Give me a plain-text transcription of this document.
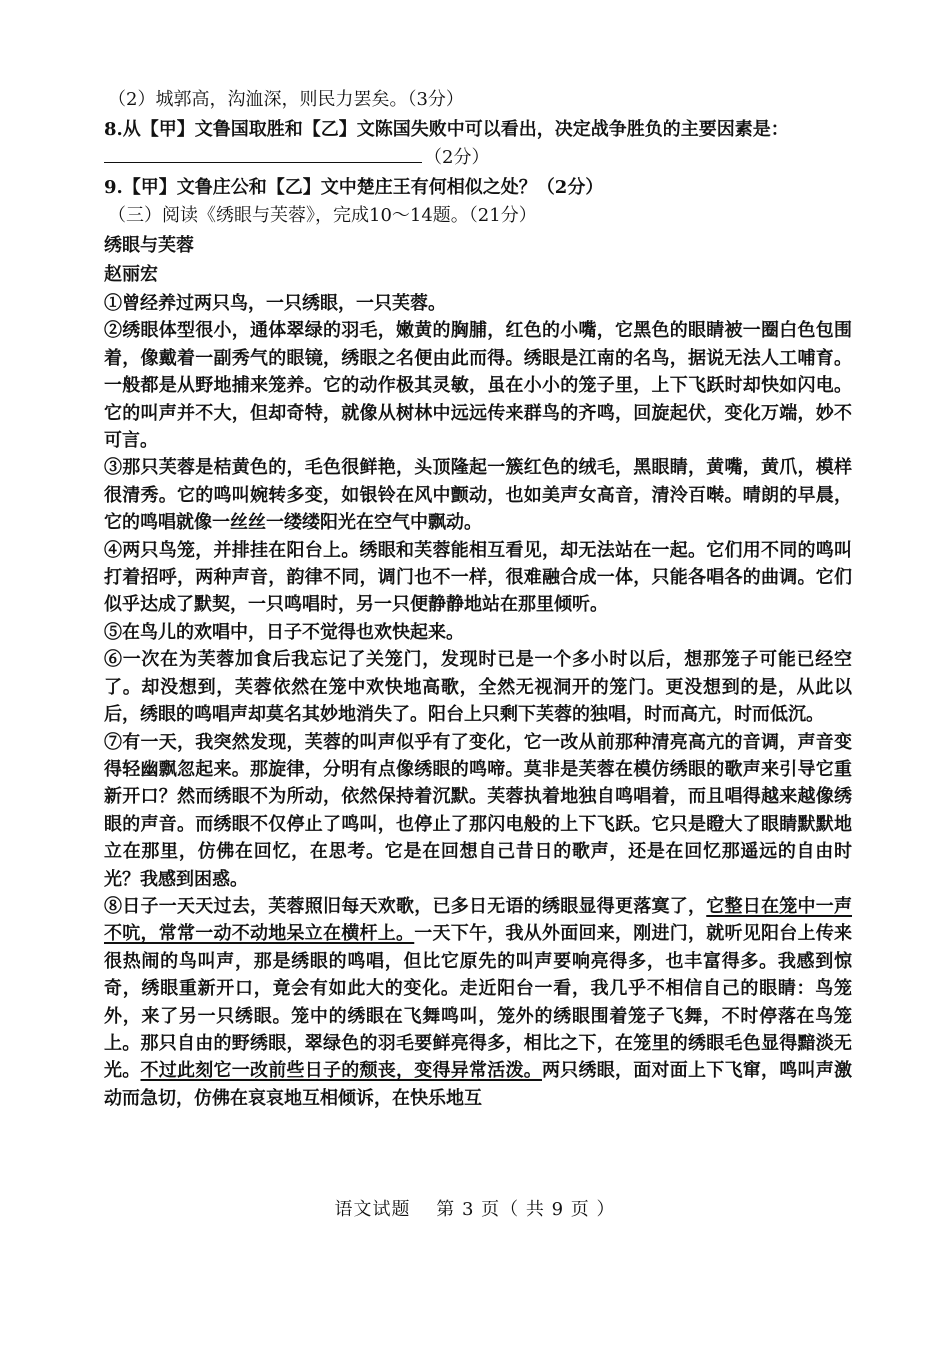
（2）城郭高，沟洫深，则民力罢矣。（3分）
8.从【甲】文鲁国取胜和【乙】文陈国失败中可以看出，决定战争胜负的主要因素是：
（2分）
9.【甲】文鲁庄公和【乙】文中楚庄王有何相似之处？（2分）
（三）阅读《绣眼与芙蓉》，完成10～14题。（21分）
绣眼与芙蓉
赵丽宏

①曾经养过两只鸟，一只绣眼，一只芙蓉。

②绣眼体型很小，通体翠绿的羽毛，嫩黄的胸脯，红色的小嘴，它黑色的眼睛被一圈白色包围着，像戴着一副秀气的眼镜，绣眼之名便由此而得。绣眼是江南的名鸟，据说无法人工哺育。一般都是从野地捕来笼养。它的动作极其灵敏，虽在小小的笼子里，上下飞跃时却快如闪电。它的叫声并不大，但却奇特，就像从树林中远远传来群鸟的齐鸣，回旋起伏，变化万端，妙不可言。

③那只芙蓉是桔黄色的，毛色很鲜艳，头顶隆起一簇红色的绒毛，黑眼睛，黄嘴，黄爪，模样很清秀。它的鸣叫婉转多变，如银铃在风中颤动，也如美声女高音，清泠百啭。晴朗的早晨，它的鸣唱就像一丝丝一缕缕阳光在空气中飘动。

④两只鸟笼，并排挂在阳台上。绣眼和芙蓉能相互看见，却无法站在一起。它们用不同的鸣叫打着招呼，两种声音，韵律不同，调门也不一样，很难融合成一体，只能各唱各的曲调。它们似乎达成了默契，一只鸣唱时，另一只便静静地站在那里倾听。

⑤在鸟儿的欢唱中，日子不觉得也欢快起来。

⑥一次在为芙蓉加食后我忘记了关笼门，发现时已是一个多小时以后，想那笼子可能已经空了。却没想到，芙蓉依然在笼中欢快地高歌，全然无视洞开的笼门。更没想到的是，从此以后，绣眼的鸣唱声却莫名其妙地消失了。阳台上只剩下芙蓉的独唱，时而高亢，时而低沉。

⑦有一天，我突然发现，芙蓉的叫声似乎有了变化，它一改从前那种清亮高亢的音调，声音变得轻幽飘忽起来。那旋律，分明有点像绣眼的鸣啼。莫非是芙蓉在模仿绣眼的歌声来引导它重新开口？然而绣眼不为所动，依然保持着沉默。芙蓉执着地独自鸣唱着，而且唱得越来越像绣眼的声音。而绣眼不仅停止了鸣叫，也停止了那闪电般的上下飞跃。它只是瞪大了眼睛默默地立在那里，仿佛在回忆，在思考。它是在回想自己昔日的歌声，还是在回忆那遥远的自由时光？我感到困惑。

⑧日子一天天过去，芙蓉照旧每天欢歌，已多日无语的绣眼显得更落寞了，它整日在笼中一声不吭，常常一动不动地呆立在横杆上。一天下午，我从外面回来，刚进门，就听见阳台上传来很热闹的鸟叫声，那是绣眼的鸣唱，但比它原先的叫声要响亮得多，也丰富得多。我感到惊奇，绣眼重新开口，竟会有如此大的变化。走近阳台一看，我几乎不相信自己的眼睛：鸟笼外，来了另一只绣眼。笼中的绣眼在飞舞鸣叫，笼外的绣眼围着笼子飞舞，不时停落在鸟笼上。那只自由的野绣眼，翠绿色的羽毛要鲜亮得多，相比之下，在笼里的绣眼毛色显得黯淡无光。不过此刻它一改前些日子的颓丧，变得异常活泼。两只绣眼，面对面上下飞窜，鸣叫声激动而急切，仿佛在哀哀地互相倾诉，在快乐地互

语文试题　 第 3 页（ 共 9 页 ）
